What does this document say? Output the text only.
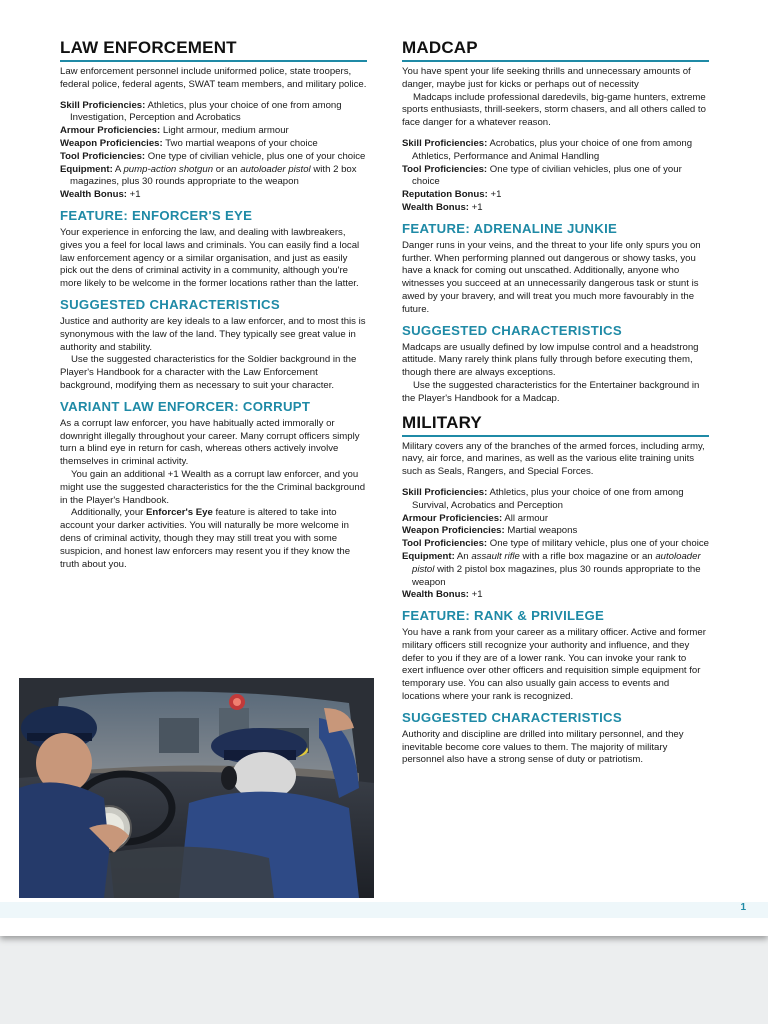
LAW ENFORCEMENT

Law enforcement personnel include uniformed police, state troopers, federal police, federal agents, SWAT team members, and military police.

Skill Proficiencies: Athletics, plus your choice of one from among Investigation, Perception and Acrobatics

Armour Proficiencies: Light armour, medium armour

Weapon Proficiencies: Two martial weapons of your choice

Tool Proficiencies: One type of civilian vehicle, plus one of your choice

Equipment: A pump-action shotgun or an autoloader pistol with 2 box magazines, plus 30 rounds appropriate to the weapon

Wealth Bonus: +1

FEATURE: ENFORCER'S EYE

Your experience in enforcing the law, and dealing with lawbreakers, gives you a feel for local laws and criminals. You can easily find a local law enforcement agency or a similar organisation, and just as easily pick out the dens of criminal activity in a community, although you're more likely to be welcome in the former locations rather than the latter.

SUGGESTED CHARACTERISTICS

Justice and authority are key ideals to a law enforcer, and to most this is synonymous with the law of the land. They typically see great value in authority and stability.

Use the suggested characteristics for the Soldier background in the Player's Handbook for a character with the Law Enforcement background, modifying them as necessary to suit your character.

VARIANT LAW ENFORCER: CORRUPT

As a corrupt law enforcer, you have habitually acted immorally or downright illegally throughout your career. Many corrupt officers simply turn a blind eye in return for cash, whereas others actively involve themselves in criminal activity.

You gain an additional +1 Wealth as a corrupt law enforcer, and you might use the suggested characteristics for the the Criminal background in the Player's Handbook.

Additionally, your Enforcer's Eye feature is altered to take into account your darker activities. You will naturally be more welcome in dens of criminal activity, though they may still treat you with some suspicion, and honest law enforcers may resent you if they know the truth about you.

MADCAP

You have spent your life seeking thrills and unnecessary amounts of danger, maybe just for kicks or perhaps out of necessity

Madcaps include professional daredevils, big-game hunters, extreme sports enthusiasts, thrill-seekers, storm chasers, and all others called to face danger for a whatever reason.

Skill Proficiencies: Acrobatics, plus your choice of one from among Athletics, Performance and Animal Handling

Tool Proficiencies: One type of civilian vehicles, plus one of your choice

Reputation Bonus: +1

Wealth Bonus: +1

FEATURE: ADRENALINE JUNKIE

Danger runs in your veins, and the threat to your life only spurs you on further. When performing planned out dangerous or showy tasks, you have a knack for coming out unscathed. Additionally, anyone who witnesses you succeed at an unnecessarily dangerous task or stunt is awed by your bravery, and will treat you much more favourably in the future.

SUGGESTED CHARACTERISTICS

Madcaps are usually defined by low impulse control and a headstrong attitude. Many rarely think plans fully through before executing them, though there are always exceptions.

Use the suggested characteristics for the Entertainer background in the Player's Handbook for a Madcap.

MILITARY

Military covers any of the branches of the armed forces, including army, navy, air force, and marines, as well as the various elite training units such as Seals, Rangers, and Special Forces.

Skill Proficiencies: Athletics, plus your choice of one from among Survival, Acrobatics and Perception

Armour Proficiencies: All armour

Weapon Proficiencies: Martial weapons

Tool Proficiencies: One type of military vehicle, plus one of your choice

Equipment: An assault rifle with a rifle box magazine or an autoloader pistol with 2 pistol box magazines, plus 30 rounds appropriate to the weapon

Wealth Bonus: +1

FEATURE: RANK & PRIVILEGE

You have a rank from your career as a military officer. Active and former military officers still recognize your authority and influence, and they defer to you if they are of a lower rank. You can invoke your rank to exert influence over other officers and requisition simple equipment for temporary use. You can also usually gain access to events and locations where your rank is recognized.

SUGGESTED CHARACTERISTICS

Authority and discipline are drilled into military personnel, and they inevitable become core values to them. The majority of military personnel also have a strong sense of duty or patriotism.

1
